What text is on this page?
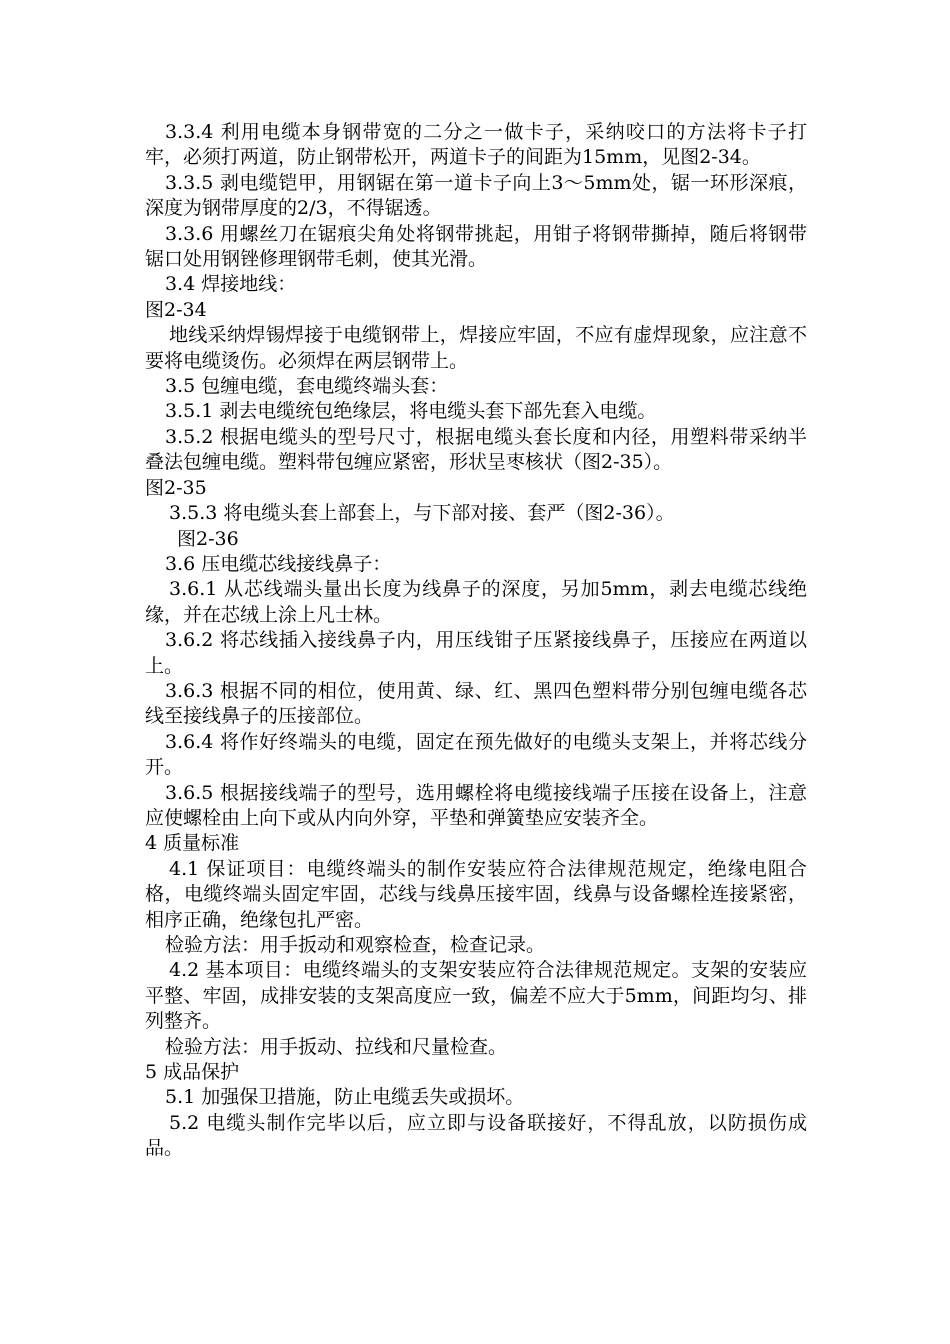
3.3.4 利用电缆本身钢带宽的二分之一做卡子，采纳咬口的方法将卡子打牢，必须打两道，防止钢带松开，两道卡子的间距为15mm，见图2-34。

3.3.5 剥电缆铠甲，用钢锯在第一道卡子向上3～5mm处，锯一环形深痕，深度为钢带厚度的2/3，不得锯透。

3.3.6 用螺丝刀在锯痕尖角处将钢带挑起，用钳子将钢带撕掉，随后将钢带锯口处用钢锉修理钢带毛刺，使其光滑。

3.4 焊接地线：

图2-34

地线采纳焊锡焊接于电缆钢带上，焊接应牢固，不应有虚焊现象，应注意不要将电缆烫伤。必须焊在两层钢带上。

3.5 包缠电缆，套电缆终端头套：

3.5.1 剥去电缆统包绝缘层，将电缆头套下部先套入电缆。

3.5.2 根据电缆头的型号尺寸，根据电缆头套长度和内径，用塑料带采纳半叠法包缠电缆。塑料带包缠应紧密，形状呈枣核状（图2-35）。

图2-35

3.5.3 将电缆头套上部套上，与下部对接、套严（图2-36）。

图2-36

3.6 压电缆芯线接线鼻子：

3.6.1 从芯线端头量出长度为线鼻子的深度，另加5mm，剥去电缆芯线绝缘，并在芯绒上涂上凡士林。

3.6.2 将芯线插入接线鼻子内，用压线钳子压紧接线鼻子，压接应在两道以上。

3.6.3 根据不同的相位，使用黄、绿、红、黑四色塑料带分别包缠电缆各芯线至接线鼻子的压接部位。

3.6.4 将作好终端头的电缆，固定在预先做好的电缆头支架上，并将芯线分开。

3.6.5 根据接线端子的型号，选用螺栓将电缆接线端子压接在设备上，注意应使螺栓由上向下或从内向外穿，平垫和弹簧垫应安装齐全。

4 质量标准

4.1 保证项目：电缆终端头的制作安装应符合法律规范规定，绝缘电阻合格，电缆终端头固定牢固，芯线与线鼻压接牢固，线鼻与设备螺栓连接紧密，相序正确，绝缘包扎严密。

检验方法：用手扳动和观察检查，检查记录。

4.2 基本项目：电缆终端头的支架安装应符合法律规范规定。支架的安装应平整、牢固，成排安装的支架高度应一致，偏差不应大于5mm，间距均匀、排列整齐。

检验方法：用手扳动、拉线和尺量检查。

5 成品保护

5.1 加强保卫措施，防止电缆丢失或损坏。

5.2 电缆头制作完毕以后，应立即与设备联接好，不得乱放，以防损伤成品。
